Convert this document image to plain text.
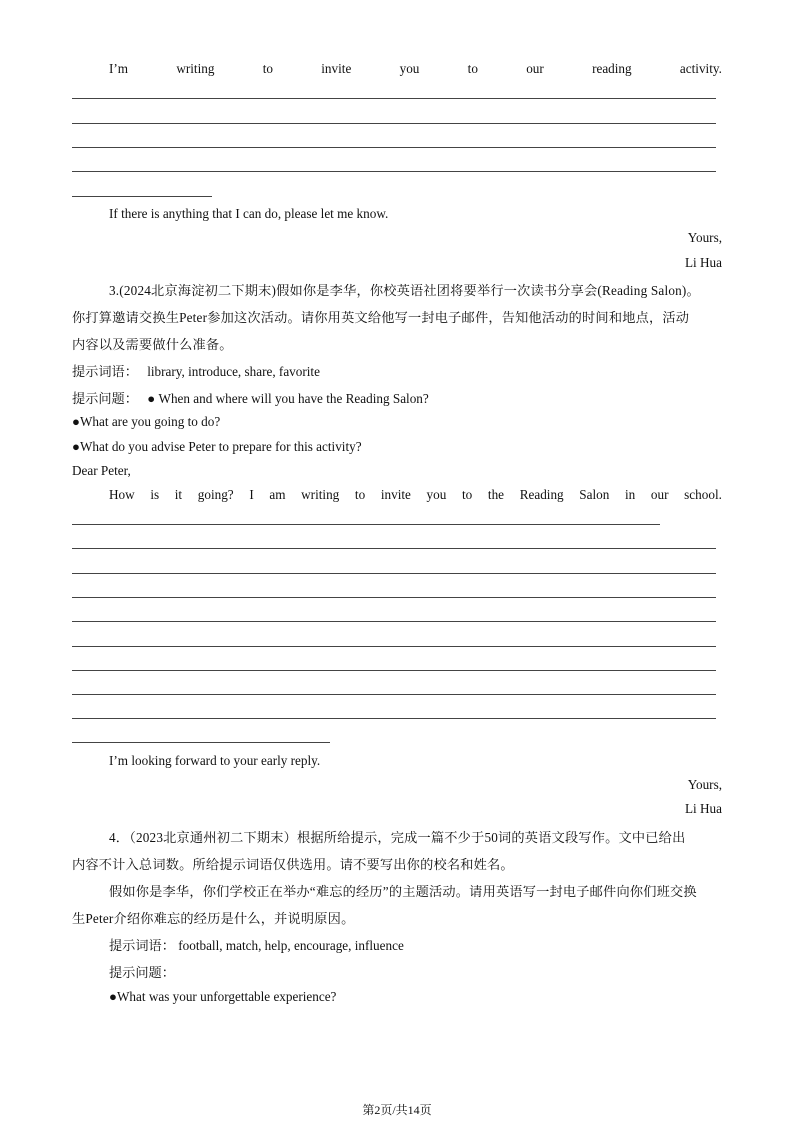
I’m	writing	to	invite	you	to	our	reading	activity.
If there is anything that I can do, please let me know.
Yours,
Li Hua
3.(2024北京海淀初二下期末)假如你是李华，你校英语社团将要举行一次读书分享会(Reading Salon)。
你打算邀请交换生Peter参加这次活动。请你用英文给他写一封电子邮件，告知他活动的时间和地点，活动
内容以及需要做什么准备。
提示词语： library, introduce, share, favorite
提示问题： ● When and where will you have the Reading Salon?
●What are you going to do?
●What do you advise Peter to prepare for this activity?
Dear Peter,
How is it going? I am writing to invite you to the Reading Salon in our school.
I’m looking forward to your early reply.
Yours,
Li Hua
4．（2023北京通州初二下期末）根据所给提示，完成一篇不少于50词的英语文段写作。文中已给出
内容不计入总词数。所给提示词语仅供选用。请不要写出你的校名和姓名。
假如你是李华，你们学校正在举办“难忘的经历”的主题活动。请用英语写一封电子邮件向你们班交换
生Peter介绍你难忘的经历是什么，并说明原因。
提示词语： football, match, help, encourage, influence
提示问题：
●What was your unforgettable experience?
第2页/共14页
